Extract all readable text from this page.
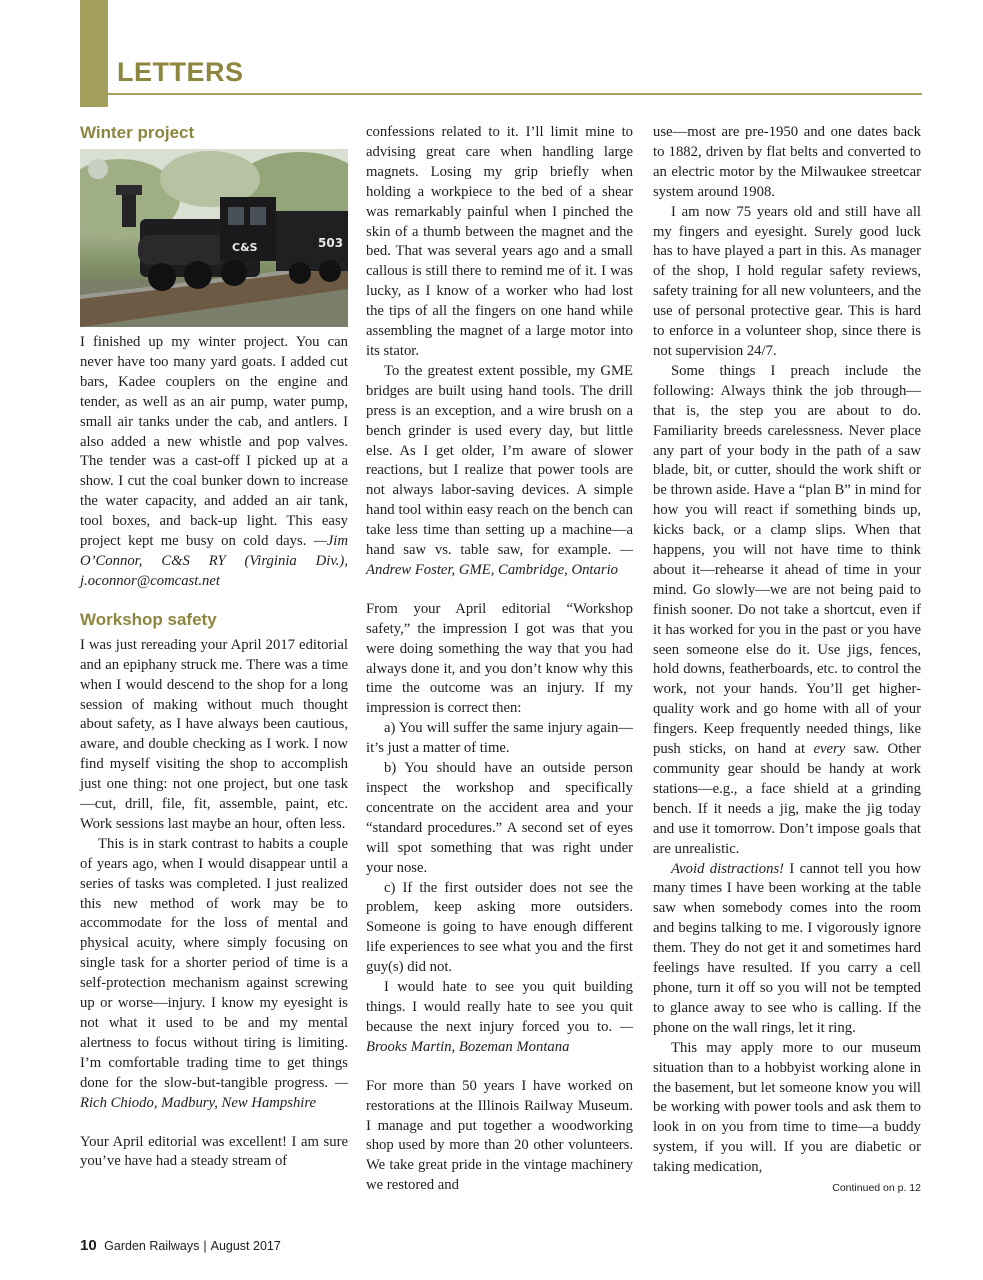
LETTERS
Winter project
C&S	503

I finished up my winter project. You can never have too many yard goats. I added cut bars, Kadee couplers on the engine and tender, as well as an air pump, water pump, small air tanks under the cab, and antlers. I also added a new whistle and pop valves. The tender was a cast-off I picked up at a show. I cut the coal bunker down to increase the water capacity, and added an air tank, tool boxes, and back-up light. This easy project kept me busy on cold days. —Jim O’Connor, C&S RY (Virginia Div.), j.oconnor@comcast.net

Workshop safety

I was just rereading your April 2017 editorial and an epiphany struck me. There was a time when I would descend to the shop for a long session of making without much thought about safety, as I have always been cautious, aware, and double checking as I work. I now find myself visiting the shop to accomplish just one thing: not one project, but one task—cut, drill, file, fit, assemble, paint, etc. Work sessions last maybe an hour, often less.

This is in stark contrast to habits a couple of years ago, when I would disappear until a series of tasks was completed. I just realized this new method of work may be to accommodate for the loss of mental and physical acuity, where simply focusing on single task for a shorter period of time is a self-protection mechanism against screwing up or worse—injury. I know my eyesight is not what it used to be and my mental alertness to focus without tiring is limiting. I’m comfortable trading time to get things done for the slow-but-tangible progress. —Rich Chiodo, Madbury, New Hampshire

Your April editorial was excellent! I am sure you’ve have had a steady stream of

confessions related to it. I’ll limit mine to advising great care when handling large magnets. Losing my grip briefly when holding a workpiece to the bed of a shear was remarkably painful when I pinched the skin of a thumb between the magnet and the bed. That was several years ago and a small callous is still there to remind me of it. I was lucky, as I know of a worker who had lost the tips of all the fingers on one hand while assembling the magnet of a large motor into its stator.

To the greatest extent possible, my GME bridges are built using hand tools. The drill press is an exception, and a wire brush on a bench grinder is used every day, but little else. As I get older, I’m aware of slower reactions, but I realize that power tools are not always labor-saving devices. A simple hand tool within easy reach on the bench can take less time than setting up a machine—a hand saw vs. table saw, for example. —Andrew Foster, GME, Cambridge, Ontario

From your April editorial “Workshop safety,” the impression I got was that you were doing something the way that you had always done it, and you don’t know why this time the outcome was an injury. If my impression is correct then:

a) You will suffer the same injury again—it’s just a matter of time.

b) You should have an outside person inspect the workshop and specifically concentrate on the accident area and your “standard procedures.” A second set of eyes will spot something that was right under your nose.

c) If the first outsider does not see the problem, keep asking more outsiders. Someone is going to have enough different life experiences to see what you and the first guy(s) did not.

I would hate to see you quit building things. I would really hate to see you quit because the next injury forced you to. —Brooks Martin, Bozeman Montana

For more than 50 years I have worked on restorations at the Illinois Railway Museum. I manage and put together a woodworking shop used by more than 20 other volunteers. We take great pride in the vintage machinery we restored and

use—most are pre-1950 and one dates back to 1882, driven by flat belts and converted to an electric motor by the Milwaukee streetcar system around 1908.

I am now 75 years old and still have all my fingers and eyesight. Surely good luck has to have played a part in this. As manager of the shop, I hold regular safety reviews, safety training for all new volunteers, and the use of personal protective gear. This is hard to enforce in a volunteer shop, since there is not supervision 24/7.

Some things I preach include the following: Always think the job through—that is, the step you are about to do. Familiarity breeds carelessness. Never place any part of your body in the path of a saw blade, bit, or cutter, should the work shift or be thrown aside. Have a “plan B” in mind for how you will react if something binds up, kicks back, or a clamp slips. When that happens, you will not have time to think about it—rehearse it ahead of time in your mind. Go slowly—we are not being paid to finish sooner. Do not take a shortcut, even if it has worked for you in the past or you have seen someone else do it. Use jigs, fences, hold downs, featherboards, etc. to control the work, not your hands. You’ll get higher-quality work and go home with all of your fingers. Keep frequently needed things, like push sticks, on hand at every saw. Other community gear should be handy at work stations—e.g., a face shield at a grinding bench. If it needs a jig, make the jig today and use it tomorrow. Don’t impose goals that are unrealistic.

Avoid distractions! I cannot tell you how many times I have been working at the table saw when somebody comes into the room and begins talking to me. I vigorously ignore them. They do not get it and sometimes hard feelings have resulted. If you carry a cell phone, turn it off so you will not be tempted to glance away to see who is calling. If the phone on the wall rings, let it ring.

This may apply more to our museum situation than to a hobbyist working alone in the basement, but let someone know you will be working with power tools and ask them to look in on you from time to time—a buddy system, if you will. If you are diabetic or taking medication,

Continued on p. 12
10 Garden Railways | August 2017
